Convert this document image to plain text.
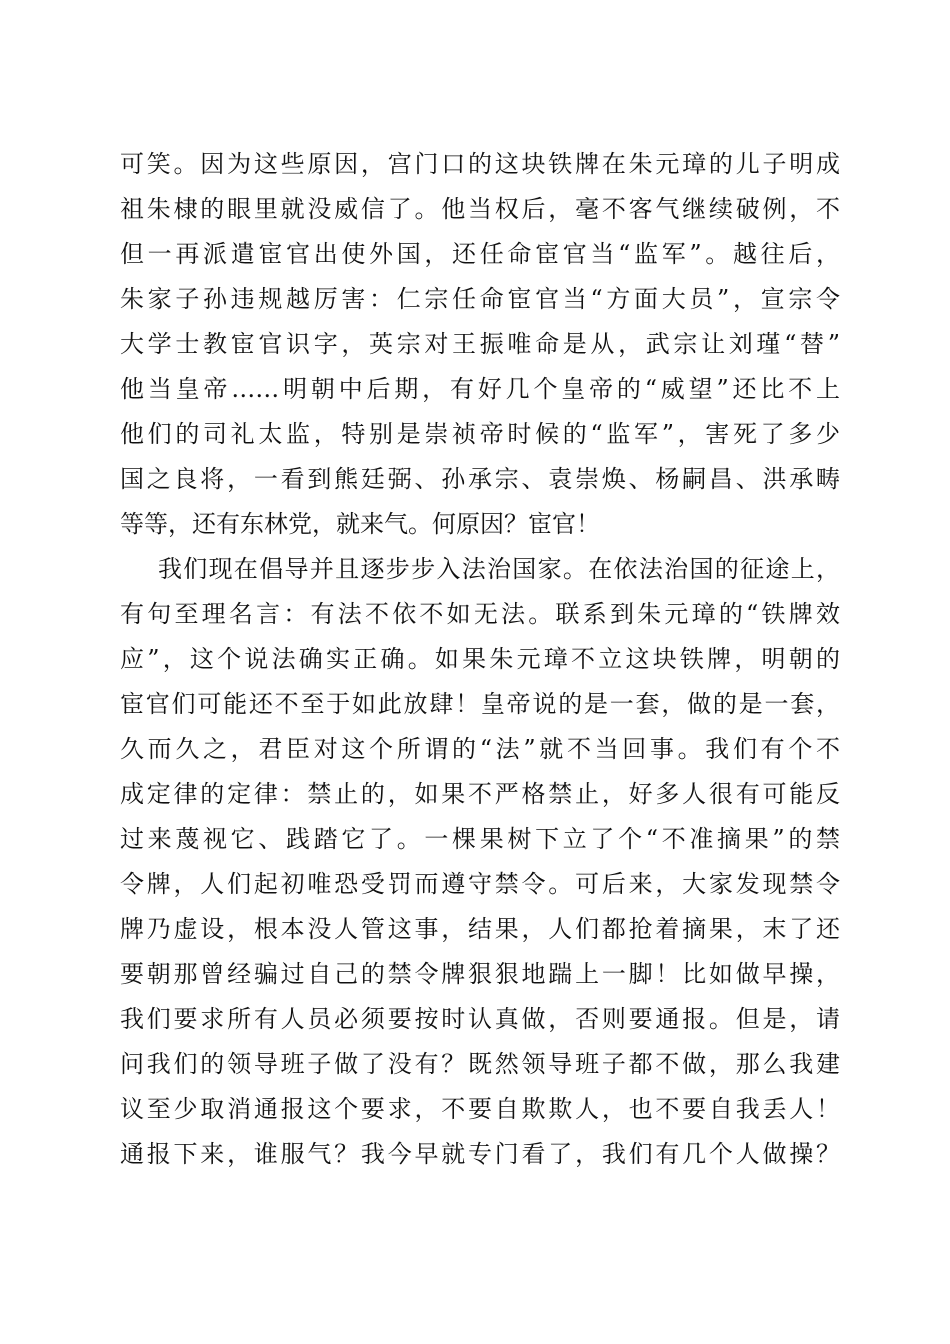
可笑。因为这些原因，宫门口的这块铁牌在朱元璋的儿子明成
祖朱棣的眼里就没威信了。他当权后，毫不客气继续破例，不
但一再派遣宦官出使外国，还任命宦官当“监军”。越往后，
朱家子孙违规越厉害：仁宗任命宦官当“方面大员”，宣宗令
大学士教宦官识字，英宗对王振唯命是从，武宗让刘瑾“替”
他当皇帝……明朝中后期，有好几个皇帝的“威望”还比不上
他们的司礼太监，特别是崇祯帝时候的“监军”，害死了多少
国之良将，一看到熊廷弼、孙承宗、袁崇焕、杨嗣昌、洪承畴
等等，还有东林党，就来气。何原因？宦官！
我们现在倡导并且逐步步入法治国家。在依法治国的征途上，
有句至理名言：有法不依不如无法。联系到朱元璋的“铁牌效
应”，这个说法确实正确。如果朱元璋不立这块铁牌，明朝的
宦官们可能还不至于如此放肆！皇帝说的是一套，做的是一套，
久而久之，君臣对这个所谓的“法”就不当回事。我们有个不
成定律的定律：禁止的，如果不严格禁止，好多人很有可能反
过来蔑视它、践踏它了。一棵果树下立了个“不准摘果”的禁
令牌，人们起初唯恐受罚而遵守禁令。可后来，大家发现禁令
牌乃虚设，根本没人管这事，结果，人们都抢着摘果，末了还
要朝那曾经骗过自己的禁令牌狠狠地踹上一脚！比如做早操，
我们要求所有人员必须要按时认真做，否则要通报。但是，请
问我们的领导班子做了没有？既然领导班子都不做，那么我建
议至少取消通报这个要求，不要自欺欺人，也不要自我丢人！
通报下来，谁服气？我今早就专门看了，我们有几个人做操？
